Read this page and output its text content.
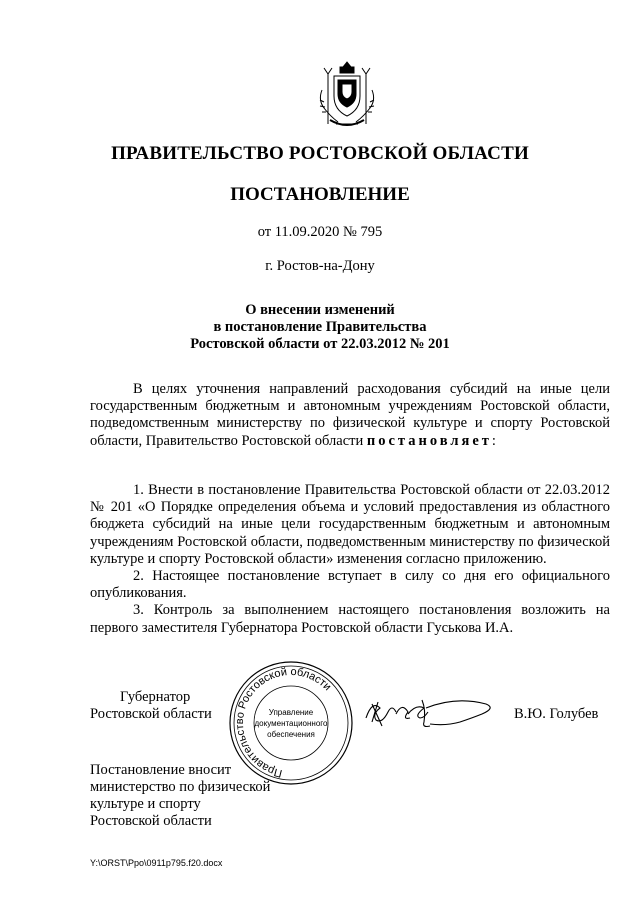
ПРАВИТЕЛЬСТВО РОСТОВСКОЙ ОБЛАСТИ
ПОСТАНОВЛЕНИЕ
от 11.09.2020 № 795
г. Ростов-на-Дону
О внесении изменений
в постановление Правительства
Ростовской области от 22.03.2012 № 201

В целях уточнения направлений расходования субсидий на иные цели государственным бюджетным и автономным учреждениям Ростовской области, подведомственным министерству по физической культуре и спорту Ростовской области, Правительство Ростовской области постановляет:

1. Внести в постановление Правительства Ростовской области от 22.03.2012 № 201 «О Порядке определения объема и условий предоставления из областного бюджета субсидий на иные цели государственным бюджетным и автономным учреждениям Ростовской области, подведомственным министерству по физической культуре и спорту Ростовской области» изменения согласно приложению.

2. Настоящее постановление вступает в силу со дня его официального опубликования.

3. Контроль за выполнением настоящего постановления возложить на первого заместителя Губернатора Ростовской области Гуськова И.А.

Губернатор
Ростовской области	В.Ю. Голубев
Правительство Ростовской области
Управление
документационного
обеспечения
Постановление вносит
министерство по физической
культуре и спорту
Ростовской области
Y:\ORST\Ppo\0911p795.f20.docx
